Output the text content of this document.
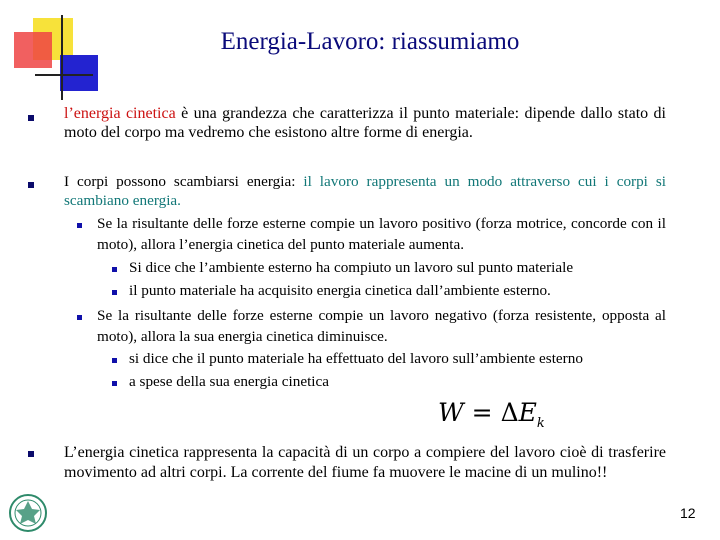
Energia-Lavoro: riassumiamo
l’energia cinetica è una grandezza che caratterizza il punto materiale: dipende dallo stato di moto del corpo ma vedremo che esistono altre forme di energia.
I corpi possono scambiarsi energia: il lavoro rappresenta un modo attraverso cui i corpi si scambiano energia.
Se la risultante delle forze esterne compie un lavoro positivo (forza motrice, concorde con il moto), allora l’energia cinetica del punto materiale aumenta.
Si dice che l’ambiente esterno ha compiuto un lavoro sul punto materiale
il punto materiale ha acquisito energia cinetica dall’ambiente esterno.
Se la risultante delle forze esterne compie un lavoro negativo (forza resistente, opposta al moto), allora la sua energia cinetica diminuisce.
si dice che il punto materiale ha effettuato del lavoro sull’ambiente esterno
a spese della sua energia cinetica
$W = \Delta E_k$
L’energia cinetica rappresenta la capacità di un corpo a compiere del lavoro cioè di trasferire movimento ad altri corpi. La corrente del fiume fa muovere le macine di un mulino!!
12
